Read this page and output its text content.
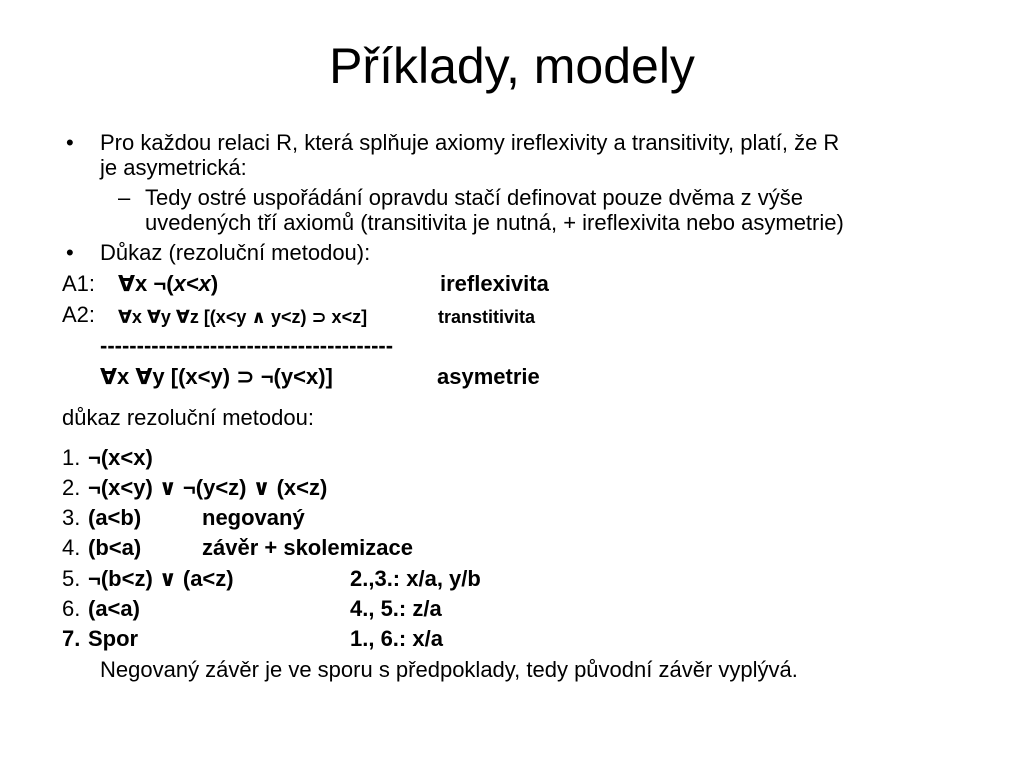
Příklady, modely
• Pro každou relaci R, která splňuje axiomy ireflexivity a transitivity, platí, že R
je asymetrická:
– Tedy ostré uspořádání opravdu stačí definovat pouze dvěma z výše
uvedených tří axiomů (transitivita je nutná, + ireflexivita nebo asymetrie)
• Důkaz (rezoluční metodou):
A1: ∀x ¬(x<x)	ireflexivita
A2: ∀x ∀y ∀z [(x<y ∧ y<z) ⊃ x<z]	transtitivita
----------------------------------------
∀x ∀y [(x<y) ⊃ ¬(y<x)]	asymetrie
důkaz rezoluční metodou:
1. ¬(x<x)
2. ¬(x<y) ∨ ¬(y<z) ∨ (x<z)
3. (a<b)	negovaný
4. (b<a)	závěr + skolemizace
5. ¬(b<z) ∨ (a<z)	2.,3.: x/a, y/b
6. (a<a)	4., 5.: z/a
7. Spor	1., 6.: x/a
Negovaný závěr je ve sporu s předpoklady, tedy původní závěr vyplývá.
